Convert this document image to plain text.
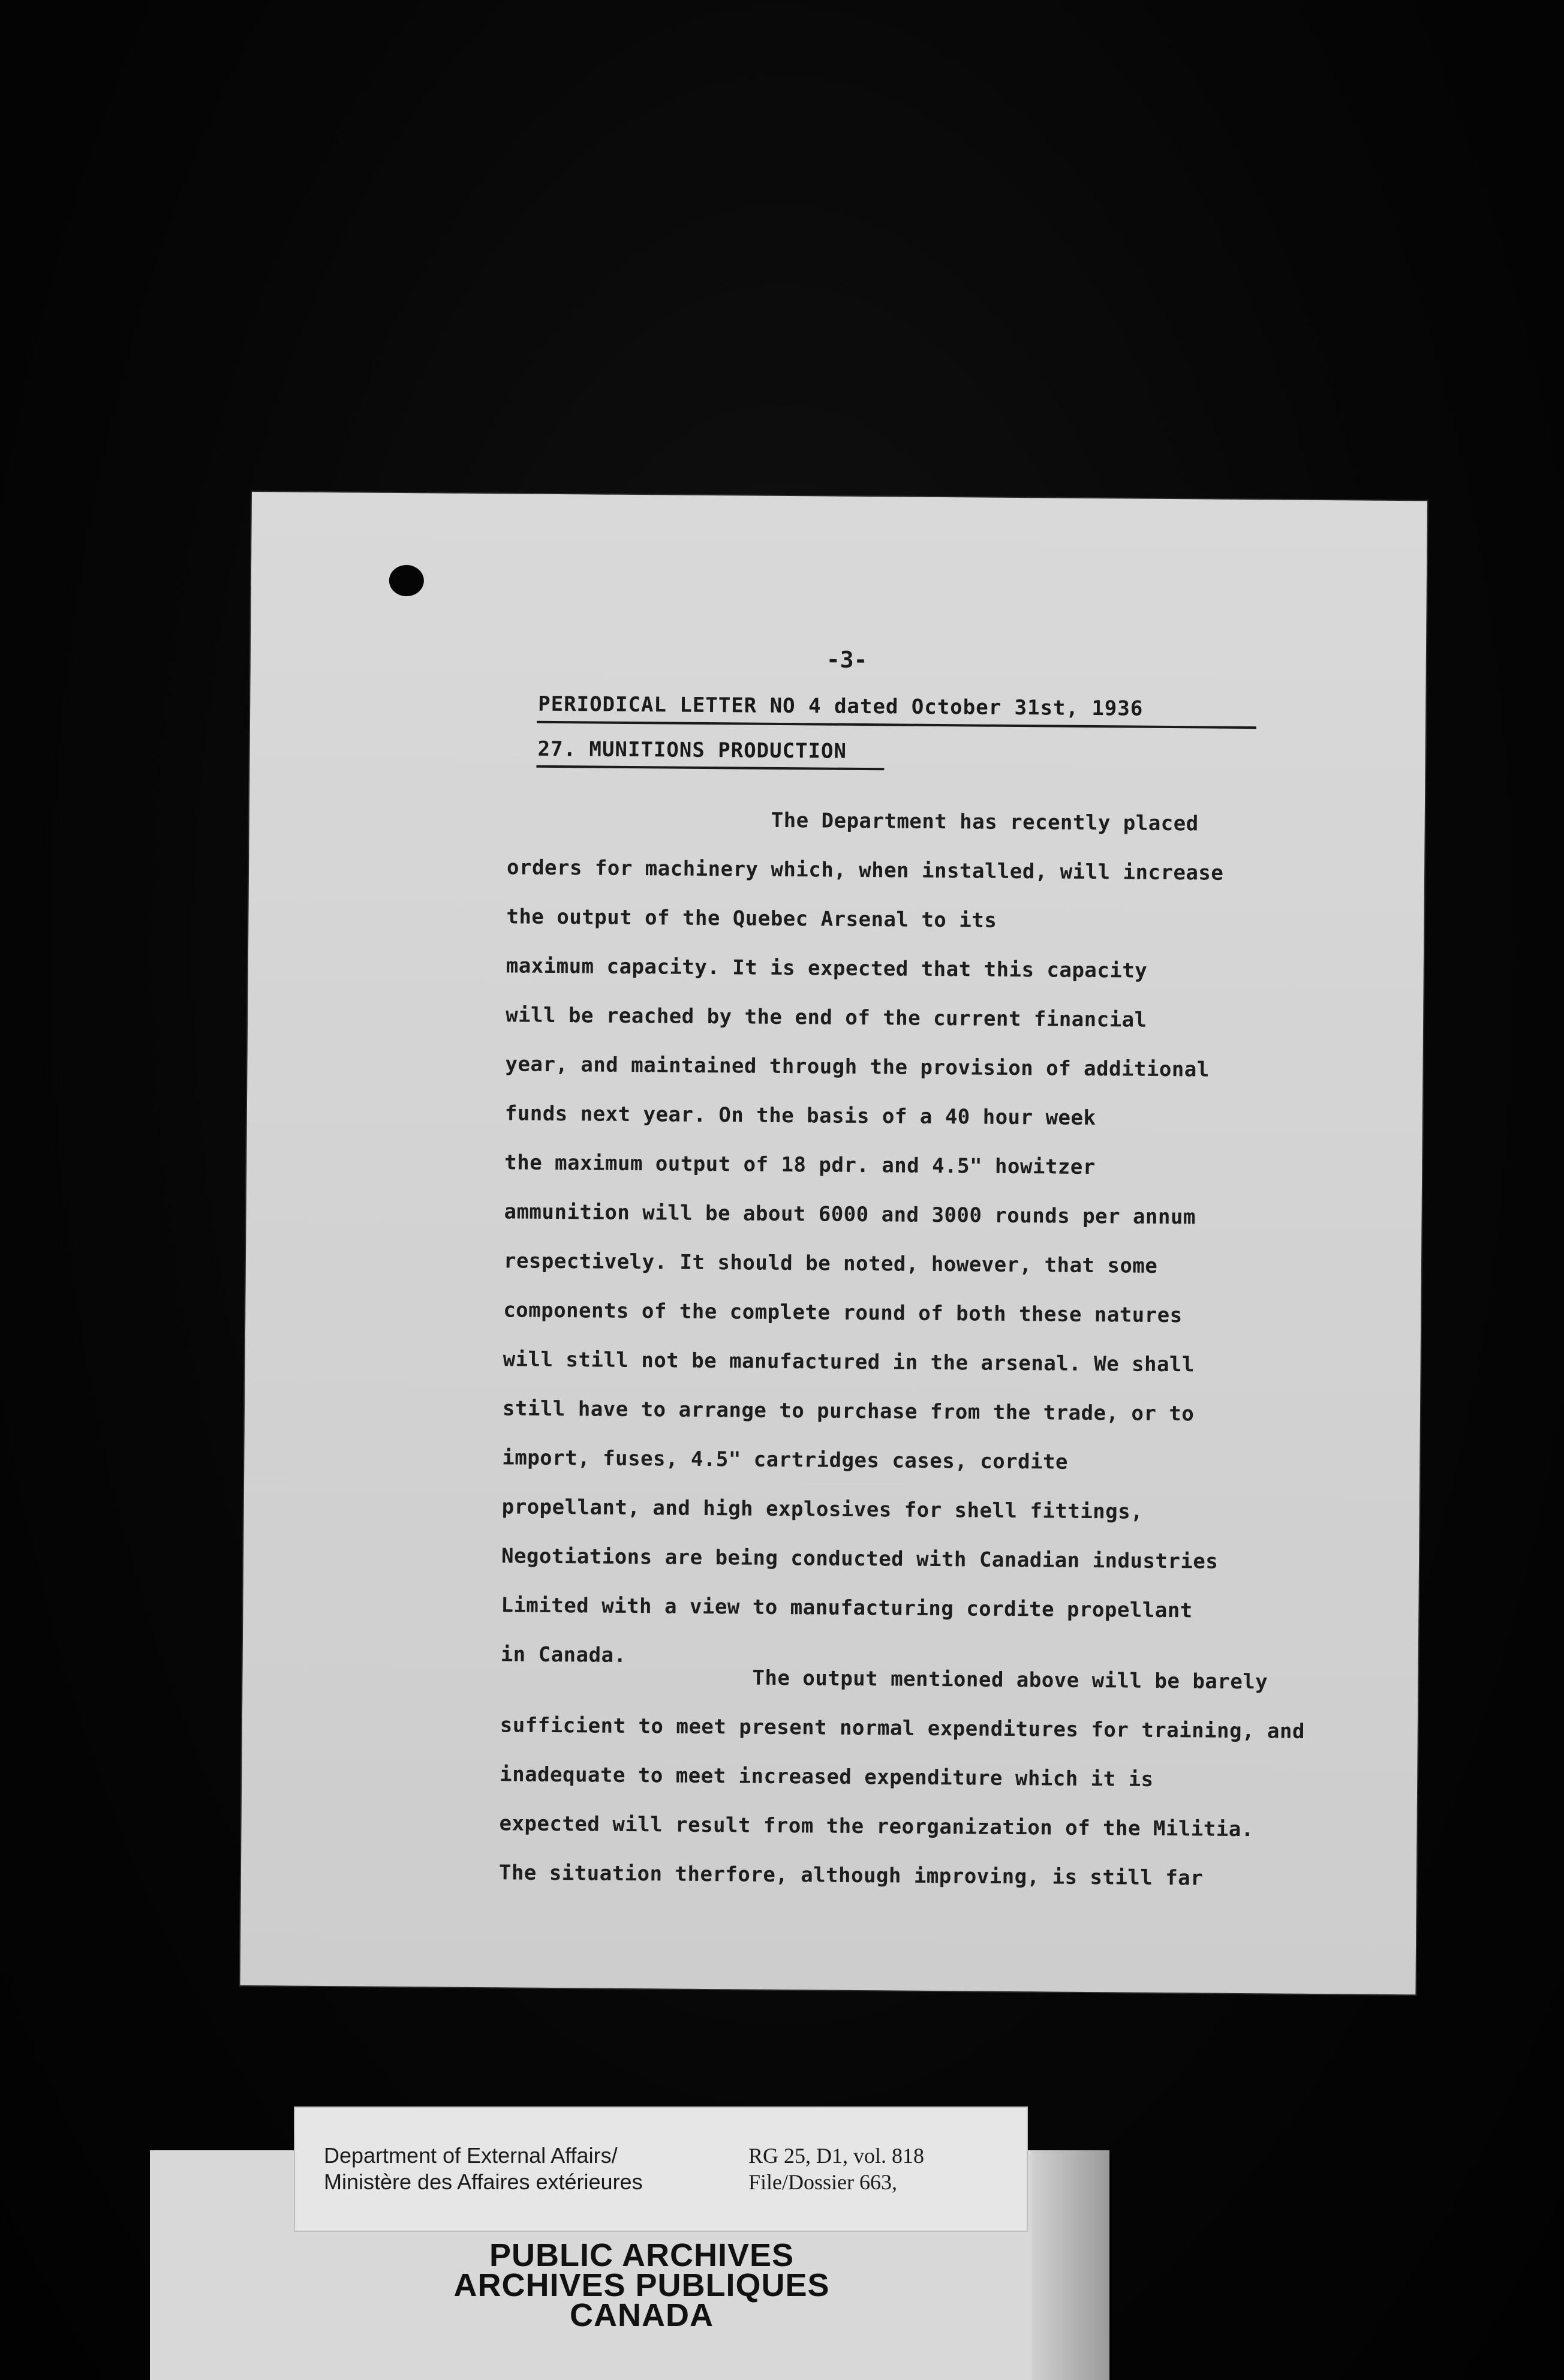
-3-
PERIODICAL LETTER NO 4 dated October 31st, 1936
27. MUNITIONS PRODUCTION
The Department has recently placed
orders for machinery which, when installed, will increase
the output of the Quebec Arsenal to its
maximum capacity. It is expected that this capacity
will be reached by the end of the current financial
year, and maintained through the provision of additional
funds next year. On the basis of a 40 hour week
the maximum output of 18 pdr. and 4.5" howitzer
ammunition will be about 6000 and 3000 rounds per annum
respectively. It should be noted, however, that some
components of the complete round of both these natures
will still not be manufactured in the arsenal. We shall
still have to arrange to purchase from the trade, or to
import, fuses, 4.5" cartridges cases, cordite
propellant, and high explosives for shell fittings,
Negotiations are being conducted with Canadian industries
Limited with a view to manufacturing cordite propellant
in Canada.
The output mentioned above will be barely
sufficient to meet present normal expenditures for training, and
inadequate to meet increased expenditure which it is
expected will result from the reorganization of the Militia.
The situation therfore, although improving, is still far
Department of External Affairs/
Ministère des Affaires extérieures
RG 25, D1, vol. 818
File/Dossier 663,
PUBLIC ARCHIVES
ARCHIVES PUBLIQUES
CANADA
